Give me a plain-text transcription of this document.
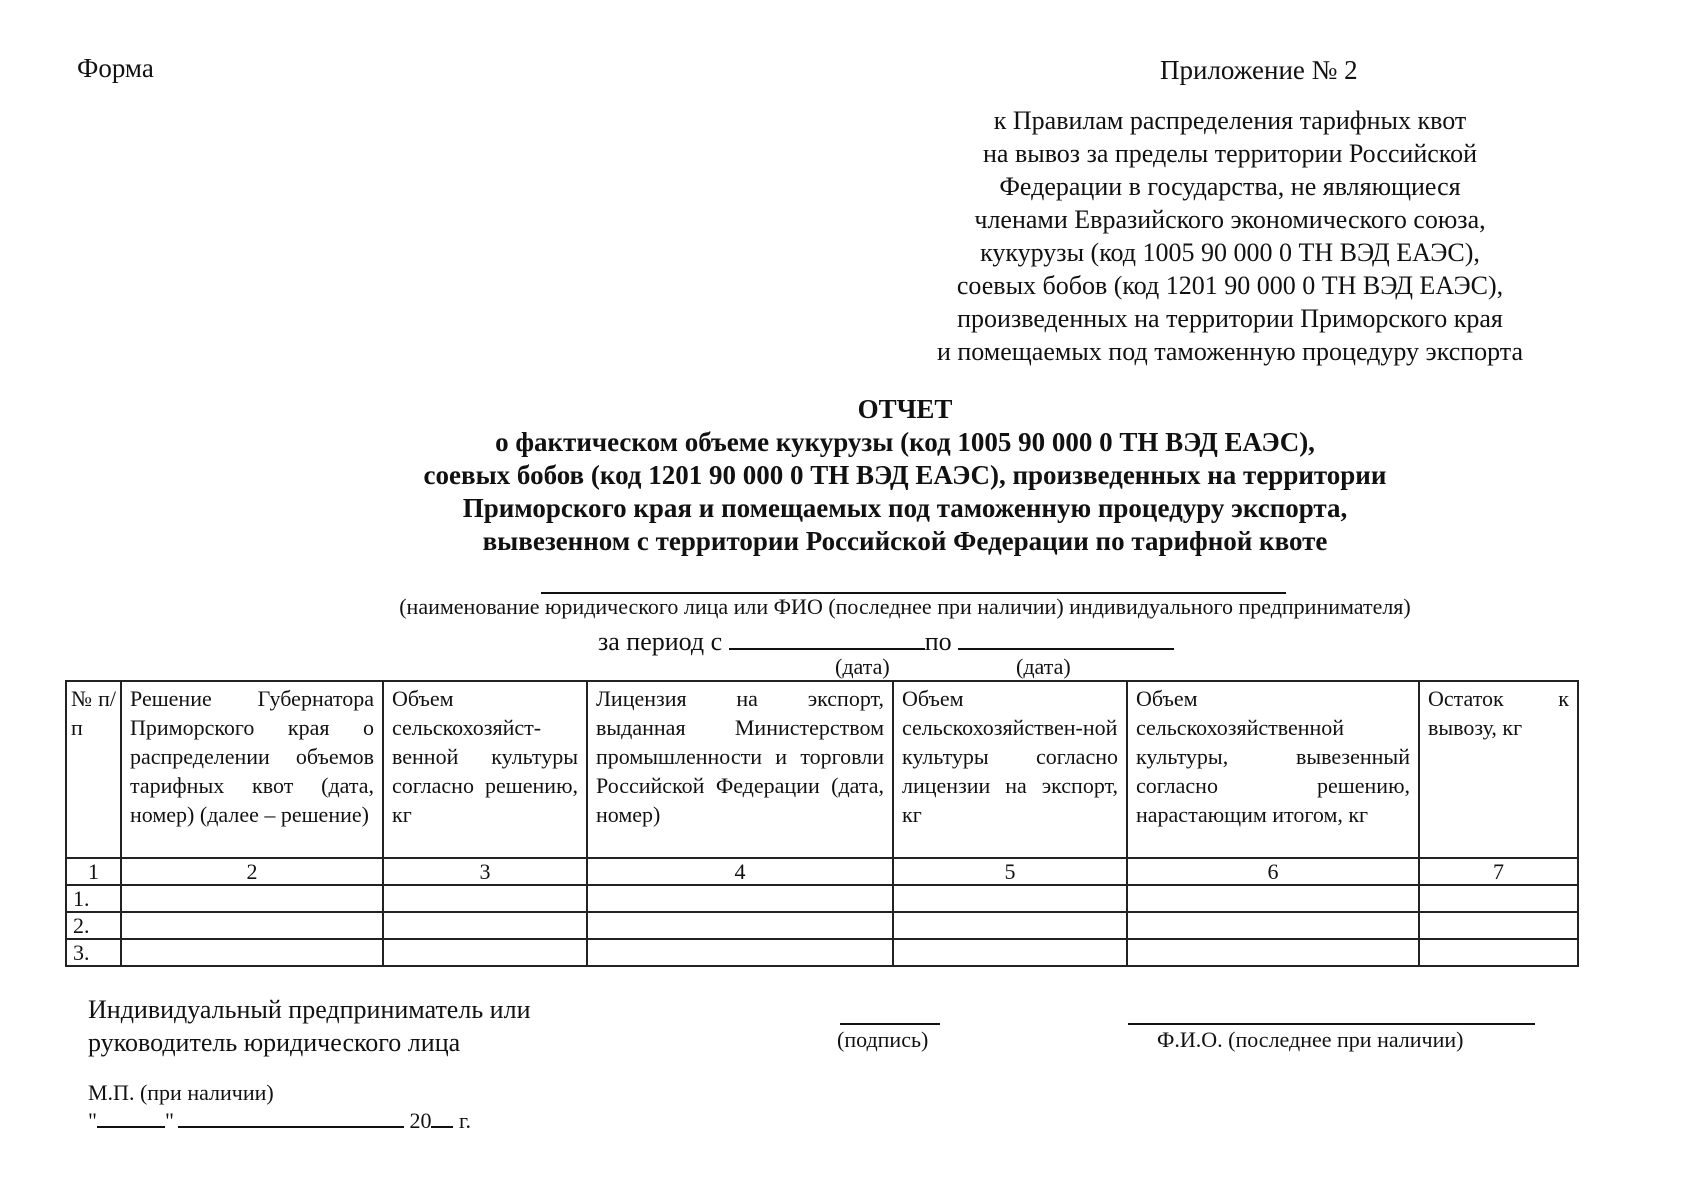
Форма	Приложение № 2
к Правилам распределения тарифных квот
на вывоз за пределы территории Российской
Федерации в государства, не являющиеся
членами Евразийского экономического союза,
кукурузы (код 1005 90 000 0 ТН ВЭД ЕАЭС),
соевых бобов (код 1201 90 000 0 ТН ВЭД ЕАЭС),
произведенных на территории Приморского края
и помещаемых под таможенную процедуру экспорта
ОТЧЕТ
о фактическом объеме кукурузы (код 1005 90 000 0 ТН ВЭД ЕАЭС),
соевых бобов (код 1201 90 000 0 ТН ВЭД ЕАЭС), произведенных на территории
Приморского края и помещаемых под таможенную процедуру экспорта,
вывезенном с территории Российской Федерации по тарифной квоте
(наименование юридического лица или ФИО (последнее при наличии) индивидуального предпринимателя)
за период с	по
(дата)	(дата)
№ п/п	Решение Губернатора Приморского края о распределении объемов тарифных квот (дата, номер) (далее – решение)	Объем сельскохозяйст-венной культуры согласно решению, кг	Лицензия на экспорт, выданная Министерством промышленности и торговли Российской Федерации (дата, номер)	Объем сельскохозяйствен-ной культуры согласно лицензии на экспорт, кг	Объем сельскохозяйственной культуры, вывезенный согласно решению, нарастающим итогом, кг	Остаток к вывозу, кг
1	2	3	4	5	6	7
1.						
2.						
3.						
Индивидуальный предприниматель или
руководитель юридического лица	(подпись)	Ф.И.О. (последнее при наличии)
М.П. (при наличии)
"	"	20 г.
